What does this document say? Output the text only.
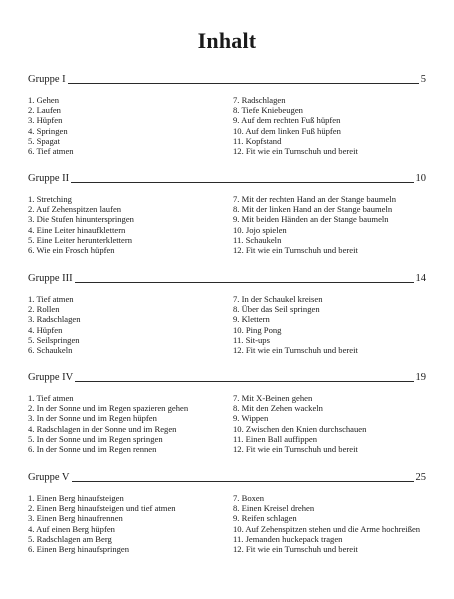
Inhalt
Gruppe I	5
1. Gehen
2. Laufen
3. Hüpfen
4. Springen
5. Spagat
6. Tief atmen
7. Radschlagen
8. Tiefe Kniebeugen
9. Auf dem rechten Fuß hüpfen
10. Auf dem linken Fuß hüpfen
11. Kopfstand
12. Fit wie ein Turnschuh und bereit
Gruppe II	10
1. Stretching
2. Auf Zehenspitzen laufen
3. Die Stufen hinunterspringen
4. Eine Leiter hinaufklettern
5. Eine Leiter herunterklettern
6. Wie ein Frosch hüpfen
7. Mit der rechten Hand an der Stange baumeln
8. Mit der linken Hand an der Stange baumeln
9. Mit beiden Händen an der Stange baumeln
10. Jojo spielen
11. Schaukeln
12. Fit wie ein Turnschuh und bereit
Gruppe III	14
1. Tief atmen
2. Rollen
3. Radschlagen
4. Hüpfen
5. Seilspringen
6. Schaukeln
7. In der Schaukel kreisen
8. Über das Seil springen
9. Klettern
10. Ping Pong
11. Sit-ups
12. Fit wie ein Turnschuh und bereit
Gruppe IV	19
1. Tief atmen
2. In der Sonne und im Regen spazieren gehen
3. In der Sonne und im Regen hüpfen
4. Radschlagen in der Sonne und im Regen
5. In der Sonne und im Regen springen
6. In der Sonne und im Regen rennen
7. Mit X-Beinen gehen
8. Mit den Zehen wackeln
9. Wippen
10. Zwischen den Knien durchschauen
11. Einen Ball auffippen
12. Fit wie ein Turnschuh und bereit
Gruppe V	25
1. Einen Berg hinaufsteigen
2. Einen Berg hinaufsteigen und tief atmen
3. Einen Berg hinaufrennen
4. Auf einen Berg hüpfen
5. Radschlagen am Berg
6. Einen Berg hinaufspringen
7. Boxen
8. Einen Kreisel drehen
9. Reifen schlagen
10. Auf Zehenspitzen stehen und die Arme hochreißen
11. Jemanden huckepack tragen
12. Fit wie ein Turnschuh und bereit
